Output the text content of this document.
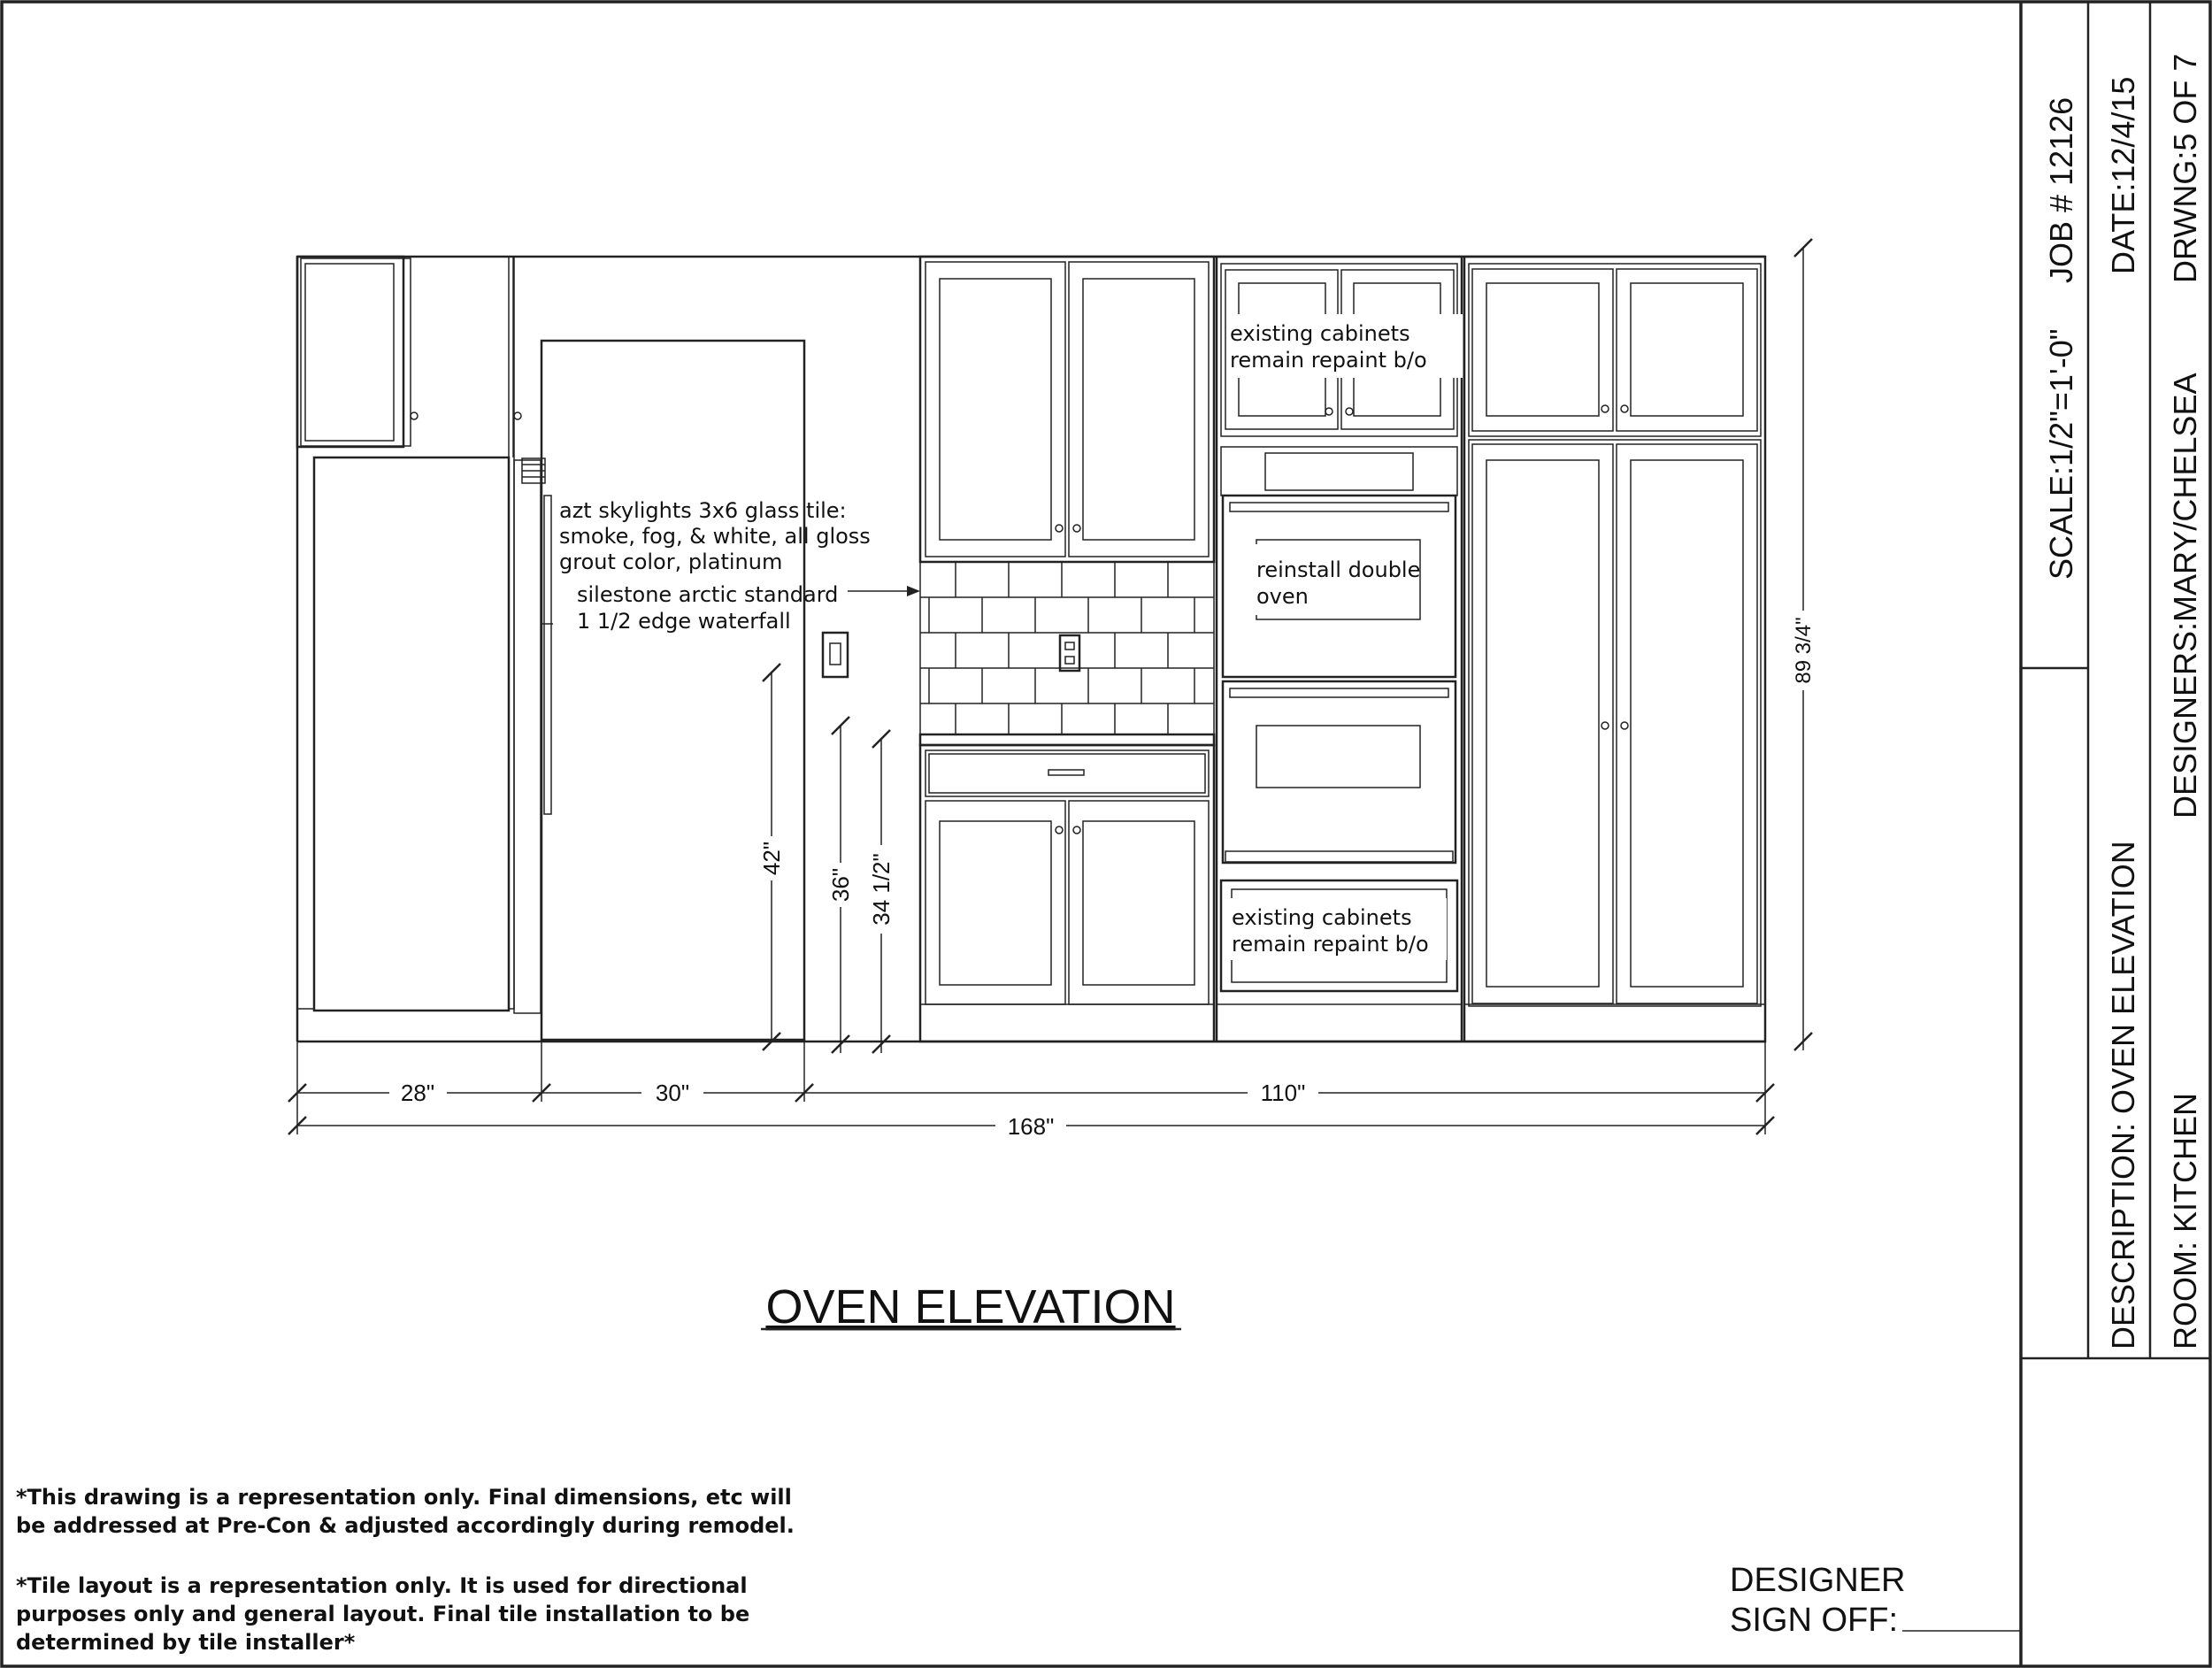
JOB # 12126 DATE:12/4/15 DRWNG:5 OF 7
SCALE:1/2"=1'-0"	DESIGNERS:MARY/CHELSEA
DESCRIPTION: OVEN ELEVATION ROOM: KITCHEN
28"	30"	110"
168"
42"
36" 34 1/2"
89 3/4"
azt skylights 3x6 glass tile:
smoke, fog, & white, all gloss
grout color, platinum
silestone arctic standard
1 1/2 edge waterfall
existing cabinets
remain repaint b/o
reinstall double
oven
existing cabinets
remain repaint b/o
OVEN ELEVATION
*This drawing is a representation only. Final dimensions, etc will
be addressed at Pre-Con & adjusted accordingly during remodel.
*Tile layout is a representation only. It is used for directional
purposes only and general layout. Final tile installation to be
determined by tile installer*
DESIGNER
SIGN OFF:
